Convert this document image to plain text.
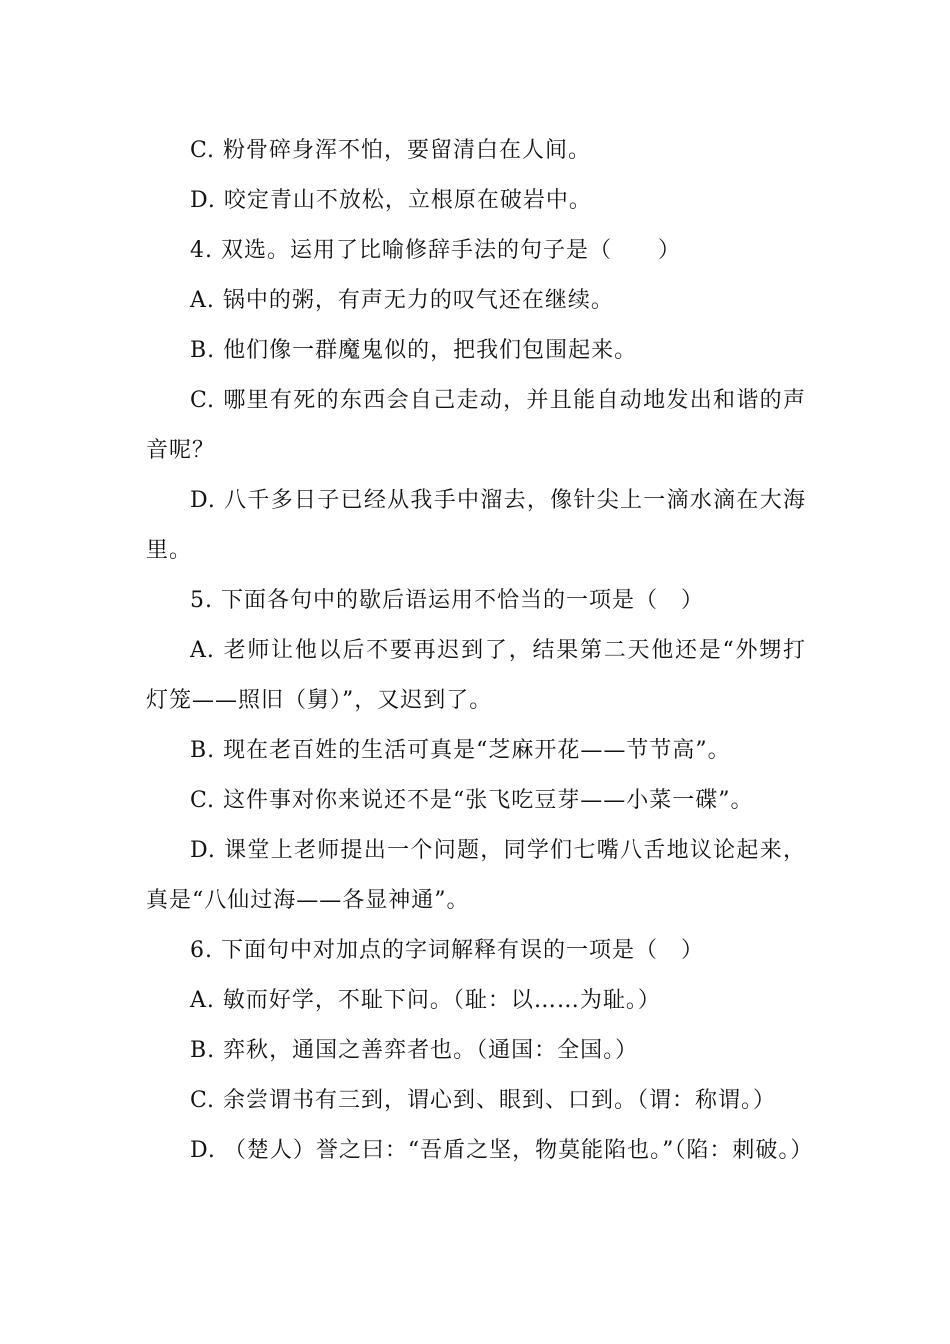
C. 粉骨碎身浑不怕，要留清白在人间。

D. 咬定青山不放松，立根原在破岩中。

4. 双选。运用了比喻修辞手法的句子是（　　）

A. 锅中的粥，有声无力的叹气还在继续。

B. 他们像一群魔鬼似的，把我们包围起来。

C. 哪里有死的东西会自己走动，并且能自动地发出和谐的声音呢？

D. 八千多日子已经从我手中溜去，像针尖上一滴水滴在大海里。

5. 下面各句中的歇后语运用不恰当的一项是（　）

A. 老师让他以后不要再迟到了，结果第二天他还是“外甥打灯笼——照旧（舅）”，又迟到了。

B. 现在老百姓的生活可真是“芝麻开花——节节高”。

C. 这件事对你来说还不是“张飞吃豆芽——小菜一碟”。

D. 课堂上老师提出一个问题，同学们七嘴八舌地议论起来，真是“八仙过海——各显神通”。

6. 下面句中对加点的字词解释有误的一项是（　）

A. 敏而好学，不耻下问。（耻：以……为耻。）

B. 弈秋，通国之善弈者也。（通国：全国。）

C. 余尝谓书有三到，谓心到、眼到、口到。（谓：称谓。）

D. （楚人）誉之曰：“吾盾之坚，物莫能陷也。”（陷：刺破。）
